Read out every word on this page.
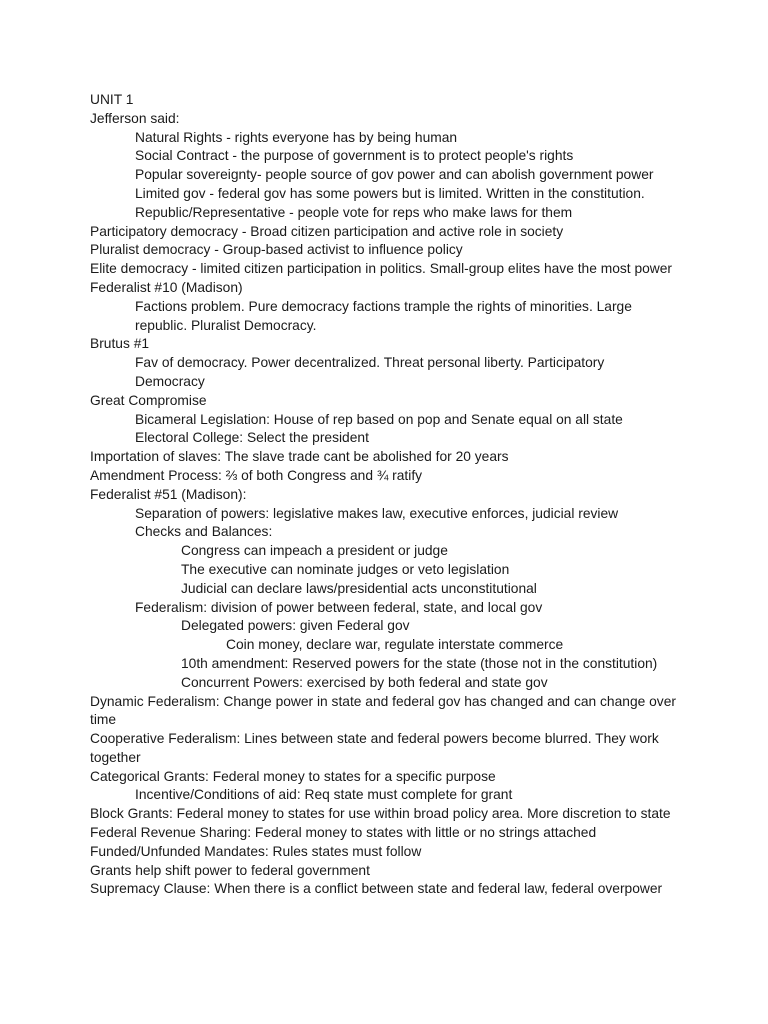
UNIT 1
Jefferson said:
Natural Rights - rights everyone has by being human
Social Contract - the purpose of government is to protect people's rights
Popular sovereignty- people source of gov power and can abolish government power
Limited gov - federal gov has some powers but is limited. Written in the constitution.
Republic/Representative - people vote for reps who make laws for them
Participatory democracy - Broad citizen participation and active role in society
Pluralist democracy - Group-based activist to influence policy
Elite democracy - limited citizen participation in politics. Small-group elites have the most power
Federalist #10 (Madison)
Factions problem. Pure democracy factions trample the rights of minorities. Large
republic. Pluralist Democracy.
Brutus #1
Fav of democracy. Power decentralized. Threat personal liberty. Participatory
Democracy
Great Compromise
Bicameral Legislation: House of rep based on pop and Senate equal on all state
Electoral College: Select the president
Importation of slaves: The slave trade cant be abolished for 20 years
Amendment Process: ⅔ of both Congress and ¾ ratify
Federalist #51 (Madison):
Separation of powers: legislative makes law, executive enforces, judicial review
Checks and Balances:
Congress can impeach a president or judge
The executive can nominate judges or veto legislation
Judicial can declare laws/presidential acts unconstitutional
Federalism: division of power between federal, state, and local gov
Delegated powers: given Federal gov
Coin money, declare war, regulate interstate commerce
10th amendment: Reserved powers for the state (those not in the constitution)
Concurrent Powers: exercised by both federal and state gov
Dynamic Federalism: Change power in state and federal gov has changed and can change over
time
Cooperative Federalism: Lines between state and federal powers become blurred. They work
together
Categorical Grants: Federal money to states for a specific purpose
Incentive/Conditions of aid: Req state must complete for grant
Block Grants: Federal money to states for use within broad policy area. More discretion to state
Federal Revenue Sharing: Federal money to states with little or no strings attached
Funded/Unfunded Mandates: Rules states must follow
Grants help shift power to federal government
Supremacy Clause: When there is a conflict between state and federal law, federal overpower
